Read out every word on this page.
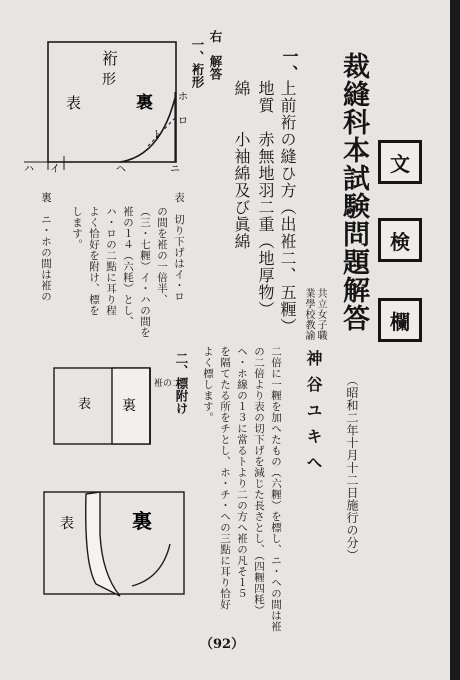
文
検
欄
裁縫科本試験問題解答
（昭和二年十月十二日施行の分）
共立女子職
業學校教諭
神谷ユキへ
一、
上前裄の縫ひ方（出袵二、五糎）
地質　赤無地羽二重（地厚物）
綿　　小袖綿及び眞綿
二倍に一糎を加へたもの（六糎）を標し、ニ・ヘの間は袵
の二倍より表の切下げを減じた長さとし、（四糎四粍）
ヘ・ホ線の１３に當るトより二の方へ袵の凡そ１５
を隔てたる所をチとし、ホ・チ・ヘの三點に耳り恰好
よく標します。
右　解答
一、裄形
表　切り下げはイ・ロ
の間を袵の一倍半、
（三・七糎）イ・ハの間を
袵の１４（六粍）とし、
ハ・ロの二點に耳り程
よく恰好を附け、標を
します。
裏　ニ・ホの間は袵の
二、標附け
裄
形
表	裏	ホ
ト
ロ
ヘ	ニ
ハ イ
表 裏
袵の二
表	裏
（92）
